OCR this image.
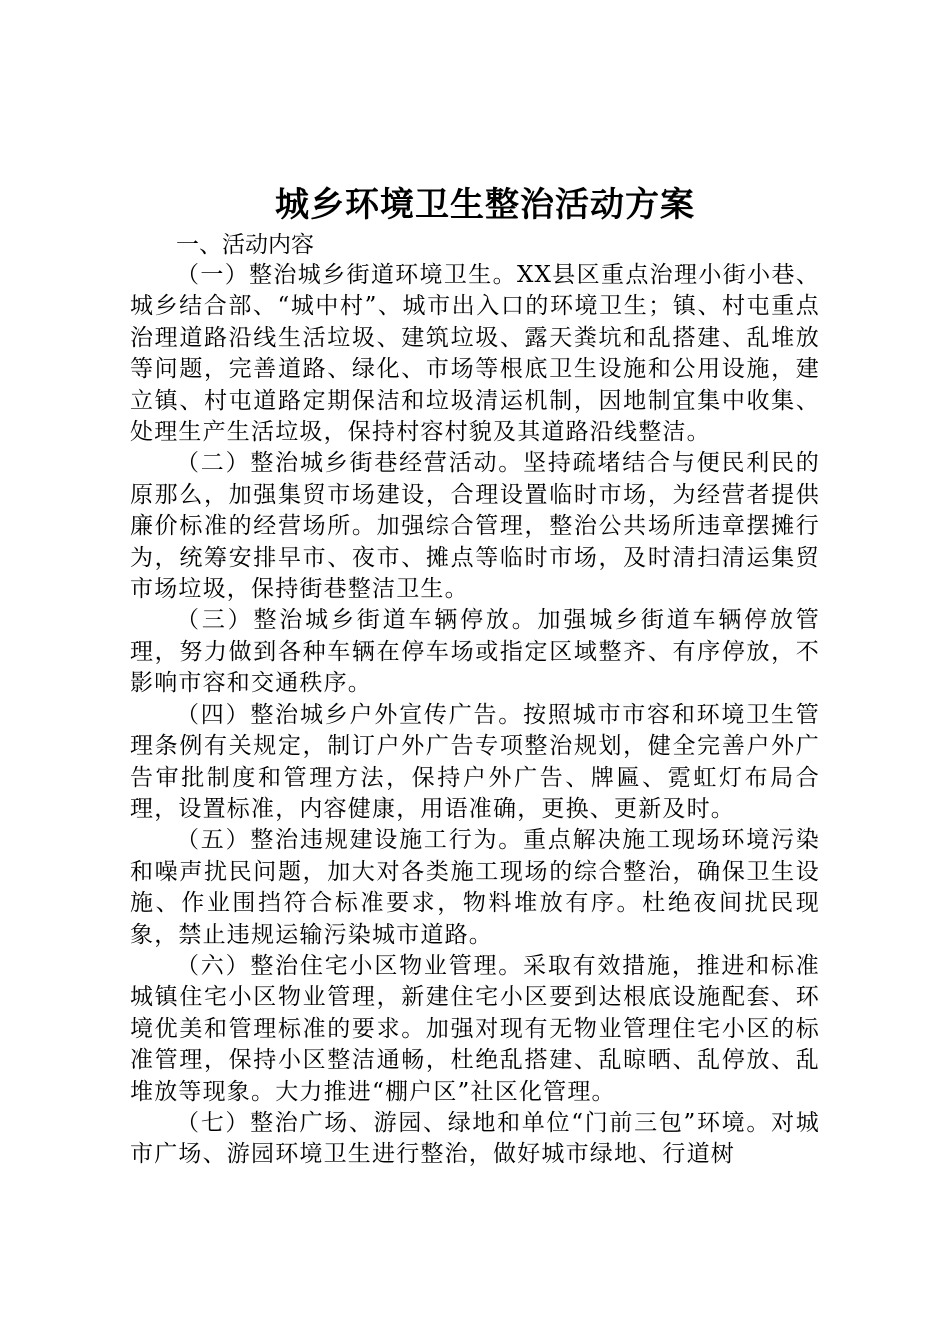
城乡环境卫生整治活动方案

一、活动内容

（一）整治城乡街道环境卫生。XX县区重点治理小街小巷、城乡结合部、“城中村”、城市出入口的环境卫生；镇、村屯重点治理道路沿线生活垃圾、建筑垃圾、露天粪坑和乱搭建、乱堆放等问题，完善道路、绿化、市场等根底卫生设施和公用设施，建立镇、村屯道路定期保洁和垃圾清运机制，因地制宜集中收集、处理生产生活垃圾，保持村容村貌及其道路沿线整洁。

（二）整治城乡街巷经营活动。坚持疏堵结合与便民利民的原那么，加强集贸市场建设，合理设置临时市场，为经营者提供廉价标准的经营场所。加强综合管理，整治公共场所违章摆摊行为，统筹安排早市、夜市、摊点等临时市场，及时清扫清运集贸市场垃圾，保持街巷整洁卫生。

（三）整治城乡街道车辆停放。加强城乡街道车辆停放管理，努力做到各种车辆在停车场或指定区域整齐、有序停放，不影响市容和交通秩序。

（四）整治城乡户外宣传广告。按照城市市容和环境卫生管理条例有关规定，制订户外广告专项整治规划，健全完善户外广告审批制度和管理方法，保持户外广告、牌匾、霓虹灯布局合理，设置标准，内容健康，用语准确，更换、更新及时。

（五）整治违规建设施工行为。重点解决施工现场环境污染和噪声扰民问题，加大对各类施工现场的综合整治，确保卫生设施、作业围挡符合标准要求，物料堆放有序。杜绝夜间扰民现象，禁止违规运输污染城市道路。

（六）整治住宅小区物业管理。采取有效措施，推进和标准城镇住宅小区物业管理，新建住宅小区要到达根底设施配套、环境优美和管理标准的要求。加强对现有无物业管理住宅小区的标准管理，保持小区整洁通畅，杜绝乱搭建、乱晾晒、乱停放、乱堆放等现象。大力推进“棚户区”社区化管理。

（七）整治广场、游园、绿地和单位“门前三包”环境。对城市广场、游园环境卫生进行整治，做好城市绿地、行道树
